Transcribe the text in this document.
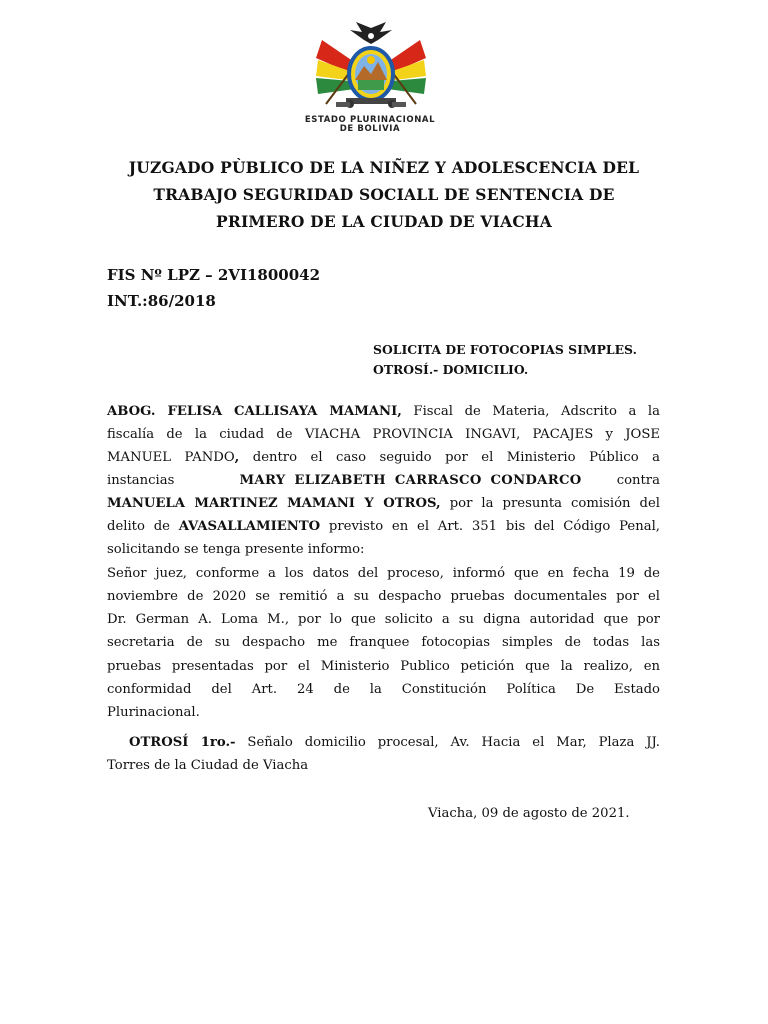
ESTADO PLURINACIONAL
DE BOLIVIA
JUZGADO PÙBLICO DE LA NIÑEZ Y ADOLESCENCIA DEL
TRABAJO SEGURIDAD SOCIALL DE SENTENCIA DE
PRIMERO DE LA CIUDAD DE VIACHA
FIS Nº LPZ – 2VI1800042
INT.:86/2018
SOLICITA DE FOTOCOPIAS SIMPLES.
OTROSÍ.- DOMICILIO.
ABOG. FELISA CALLISAYA MAMANI, Fiscal de Materia, Adscrito a la
fiscalía de la ciudad de VIACHA PROVINCIA INGAVI, PACAJES y JOSE
MANUEL PANDO, dentro el caso seguido por el Ministerio Público a
instancias	MARY ELIZABETH CARRASCO CONDARCO	contra
MANUELA MARTINEZ MAMANI Y OTROS, por la presunta comisión del
delito de AVASALLAMIENTO previsto en el Art. 351 bis del Código Penal,
solicitando se tenga presente informo:
Señor juez, conforme a los datos del proceso, informó que en fecha 19 de
noviembre de 2020 se remitió a su despacho pruebas documentales por el
Dr. German A. Loma M., por lo que solicito a su digna autoridad que por
secretaria de su despacho me franquee fotocopias simples de todas las
pruebas presentadas por el Ministerio Publico petición que la realizo, en
conformidad del Art. 24 de la Constitución Política De Estado
Plurinacional.
OTROSÍ 1ro.- Señalo domicilio procesal, Av. Hacia el Mar, Plaza JJ.
Torres de la Ciudad de Viacha
Viacha, 09 de agosto de 2021.
